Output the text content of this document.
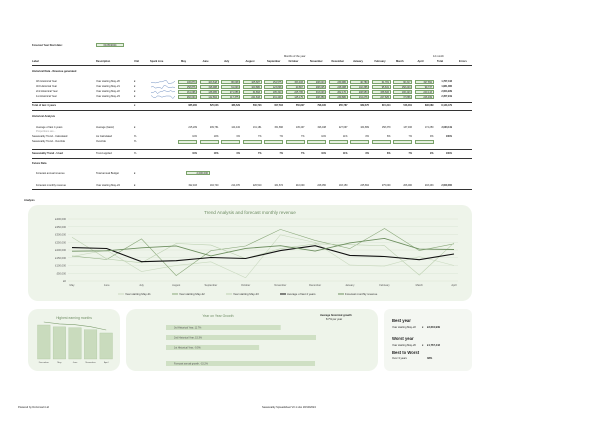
Forecast Year Start date:	01/05/2024
Months of the year	12 month
Total	Errors
Label	Description	Unit	Spark Line	May	June	July	August	September	October	November	December	January	February	March	April
Historical Data - Revenue generated
4th Historical Year	Year starting May-20	£	106,873	103,618	86,008	105,687	154,575	153,933	208,043	239,980	40,780	61,781	90,317	197,652	1,767,443
3rd Historical Year	Year starting May-21	£	158,876	198,988	61,003	100,880	123,808	20,867	298,005	248,088	102,365	95,831	158,243	99,737	1,881,086
2nd Historical Year	Year starting May-22	£	161,096	138,965	271,656	34,893	195,340	225,786	333,003	262,170	208,953	338,606	196,423	240,143	2,604,939
1st Historical Year	Year starting May-23	£	282,004	142,864	117,375	241,843	231,446	145,175	208,359	239,880	234,276	227,825	37,866	246,499	2,357,919
Total of last 4 years	£	685,900	525,046	486,529	530,723	607,564	550,827	798,180	955,787	689,675	615,314	546,061	696,089	8,133,479
Historical Analysis
Average of last 4 years	Average (basic)	£	215,209	209,761	124,432	131,181	151,896	145,407	196,048	227,697	164,869	158,379	137,466	174,250	2,030,119
Proportions are...
Seasonality Trend - Calculated	As Calculated	%	10%	10%	6%	7%	7%	7%	10%	11%	8%	8%	7%	9%	100%
Seasonality Trend - Override	Override	%
Seasonality Trend - Used	Trend applied	%	10%	10%	6%	7%	7%	7%	10%	11%	8%	8%	7%	9%	100%
Future Data
Forecast annual revenue	Total annual Budget	£	2,000,000
Forecast monthly revenue	Year starting May-24	£	192,403	194,740	214,070	226,510	161,874	210,000	228,050	193,150	245,864	275,000	206,000	203,433	2,000,000
Analysis
Trend Analysis and forecast monthly revenue
£0
£50,000
£100,000
£150,000
£200,000
£250,000
£300,000
£350,000
£400,000
May	June	July	August	September	October	November	December	January	February	March	April
Year starting May-21	Year starting May-22	Year starting May-23	Average of last 4 years	Forecast monthly revenue
Highest earning months
December	May	June	November	April
Year on Year Growth
3rd Historical Year, 11.7%
2nd Historical Year, 15.3%
1st Historical Year, -9.5%
Forecast annual growth, -15.2%
Average historical growth
8.7% per year	Best year
Year starting May-22 £ £2,604,939
Worst year
Year starting May-20 £ £1,767,443
Best to Worst
Over 3 years	38%
Powered by DoConsult Ltd	Seasonality Spreadsheet V0.1.xlsx 18/10/2024
